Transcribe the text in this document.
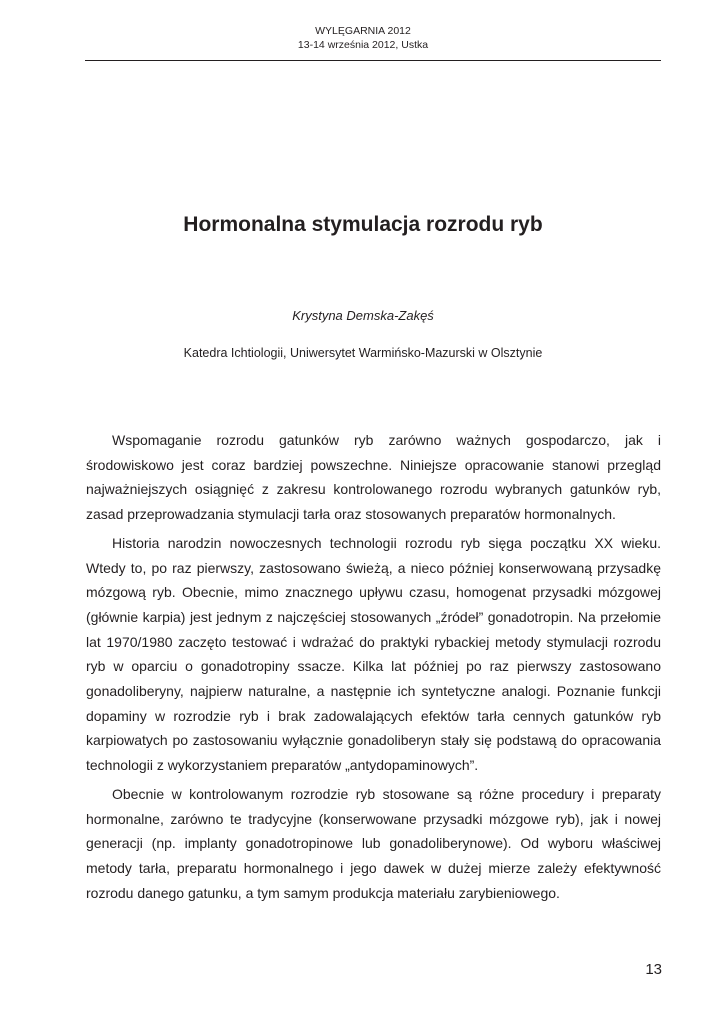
WYLĘGARNIA 2012
13-14 września 2012, Ustka
Hormonalna stymulacja rozrodu ryb
Krystyna Demska-Zakęś
Katedra Ichtiologii, Uniwersytet Warmińsko-Mazurski w Olsztynie

Wspomaganie rozrodu gatunków ryb zarówno ważnych gospodarczo, jak i środowiskowo jest coraz bardziej powszechne. Niniejsze opracowanie stanowi przegląd najważniejszych osiągnięć z zakresu kontrolowanego rozrodu wybranych gatunków ryb, zasad przeprowadzania stymulacji tarła oraz stosowanych preparatów hormonalnych.

Historia narodzin nowoczesnych technologii rozrodu ryb sięga początku XX wieku. Wtedy to, po raz pierwszy, zastosowano świeżą, a nieco później konserwowaną przysadkę mózgową ryb. Obecnie, mimo znacznego upływu czasu, homogenat przysadki mózgowej (głównie karpia) jest jednym z najczęściej stosowanych „źródeł” gonadotropin. Na przełomie lat 1970/1980 zaczęto testować i wdrażać do praktyki rybackiej metody stymulacji rozrodu ryb w oparciu o gonadotropiny ssacze. Kilka lat później po raz pierwszy zastosowano gonadoliberyny, najpierw naturalne, a następnie ich syntetyczne analogi. Poznanie funkcji dopaminy w rozrodzie ryb i brak zadowalających efektów tarła cennych gatunków ryb karpiowatych po zastosowaniu wyłącznie gonadoliberyn stały się podstawą do opracowania technologii z wykorzystaniem preparatów „antydopaminowych”.

Obecnie w kontrolowanym rozrodzie ryb stosowane są różne procedury i preparaty hormonalne, zarówno te tradycyjne (konserwowane przysadki mózgowe ryb), jak i nowej generacji (np. implanty gonadotropinowe lub gonadoliberynowe). Od wyboru właściwej metody tarła, preparatu hormonalnego i jego dawek w dużej mierze zależy efektywność rozrodu danego gatunku, a tym samym produkcja materiału zarybieniowego.

13
